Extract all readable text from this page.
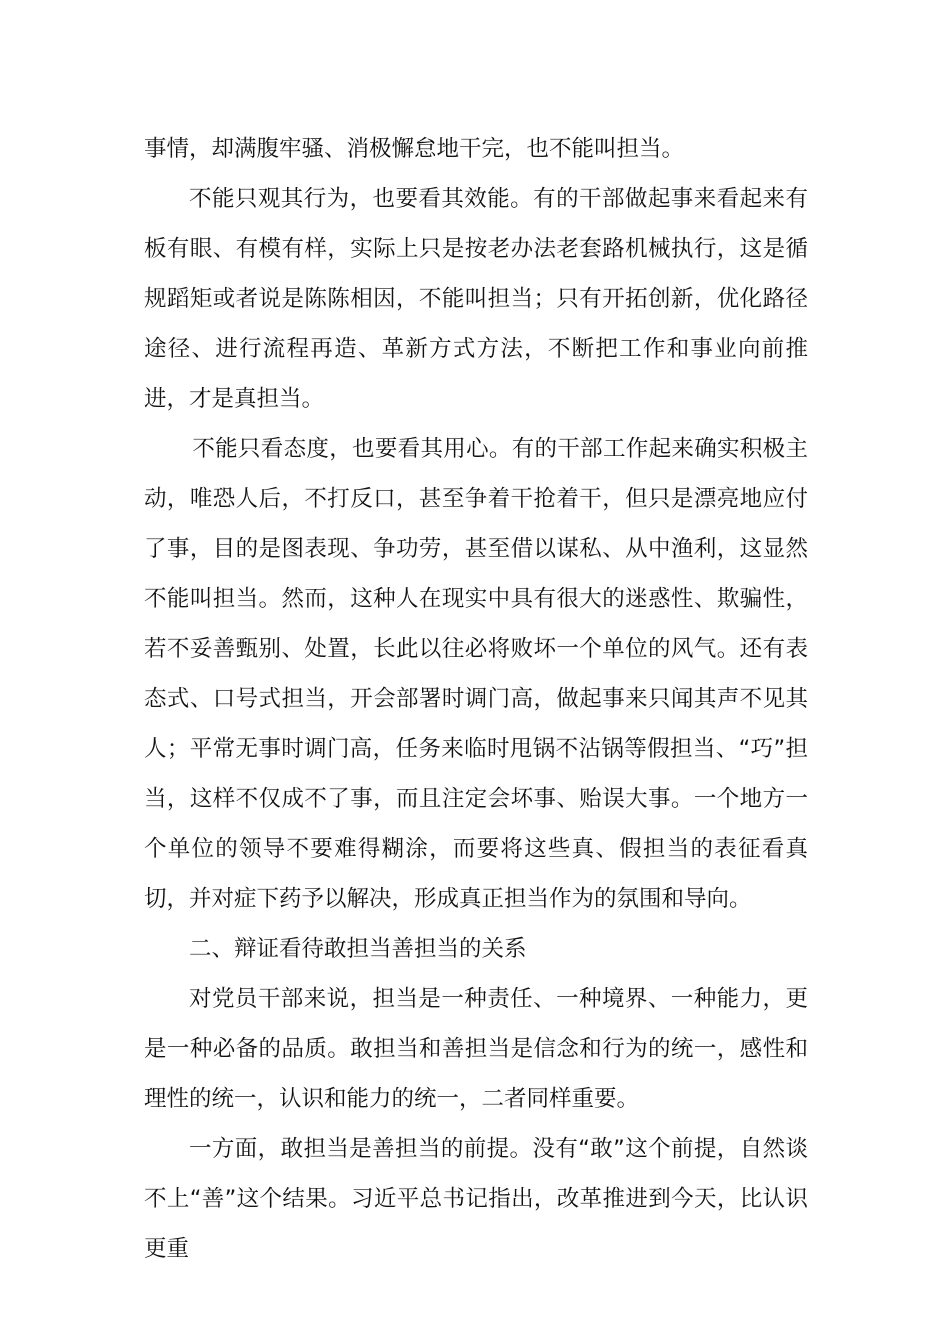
事情，却满腹牢骚、消极懈怠地干完，也不能叫担当。

不能只观其行为，也要看其效能。有的干部做起事来看起来有板有眼、有模有样，实际上只是按老办法老套路机械执行，这是循规蹈矩或者说是陈陈相因，不能叫担当；只有开拓创新，优化路径途径、进行流程再造、革新方式方法，不断把工作和事业向前推进，才是真担当。

不能只看态度，也要看其用心。有的干部工作起来确实积极主动，唯恐人后，不打反口，甚至争着干抢着干，但只是漂亮地应付了事，目的是图表现、争功劳，甚至借以谋私、从中渔利，这显然不能叫担当。然而，这种人在现实中具有很大的迷惑性、欺骗性，若不妥善甄别、处置，长此以往必将败坏一个单位的风气。还有表态式、口号式担当，开会部署时调门高，做起事来只闻其声不见其人；平常无事时调门高，任务来临时甩锅不沾锅等假担当、“巧”担当，这样不仅成不了事，而且注定会坏事、贻误大事。一个地方一个单位的领导不要难得糊涂，而要将这些真、假担当的表征看真切，并对症下药予以解决，形成真正担当作为的氛围和导向。

二、辩证看待敢担当善担当的关系

对党员干部来说，担当是一种责任、一种境界、一种能力，更是一种必备的品质。敢担当和善担当是信念和行为的统一，感性和理性的统一，认识和能力的统一，二者同样重要。

一方面，敢担当是善担当的前提。没有“敢”这个前提，自然谈不上“善”这个结果。习近平总书记指出，改革推进到今天，比认识更重
